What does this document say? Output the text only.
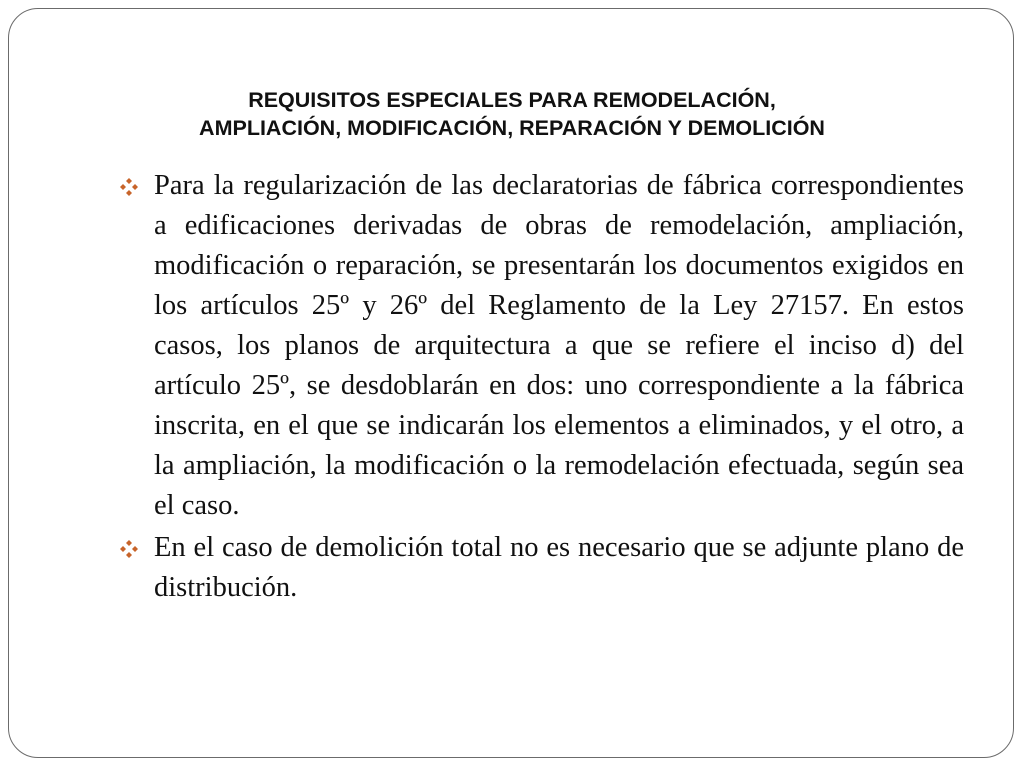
REQUISITOS ESPECIALES PARA REMODELACIÓN,
AMPLIACIÓN, MODIFICACIÓN, REPARACIÓN Y DEMOLICIÓN
Para la regularización de las declaratorias de fábrica correspondientes a edificaciones derivadas de obras de remodelación, ampliación, modificación o reparación, se presentarán los documentos exigidos en los artículos 25º y 26º del Reglamento de la Ley 27157. En estos casos, los planos de arquitectura a que se refiere el inciso d) del artículo 25º, se desdoblarán en dos: uno correspondiente a la fábrica inscrita, en el que se indicarán los elementos a eliminados, y el otro, a la ampliación, la modificación o la remodelación efectuada, según sea el caso.
En el caso de demolición total no es necesario que se adjunte plano de distribución.
